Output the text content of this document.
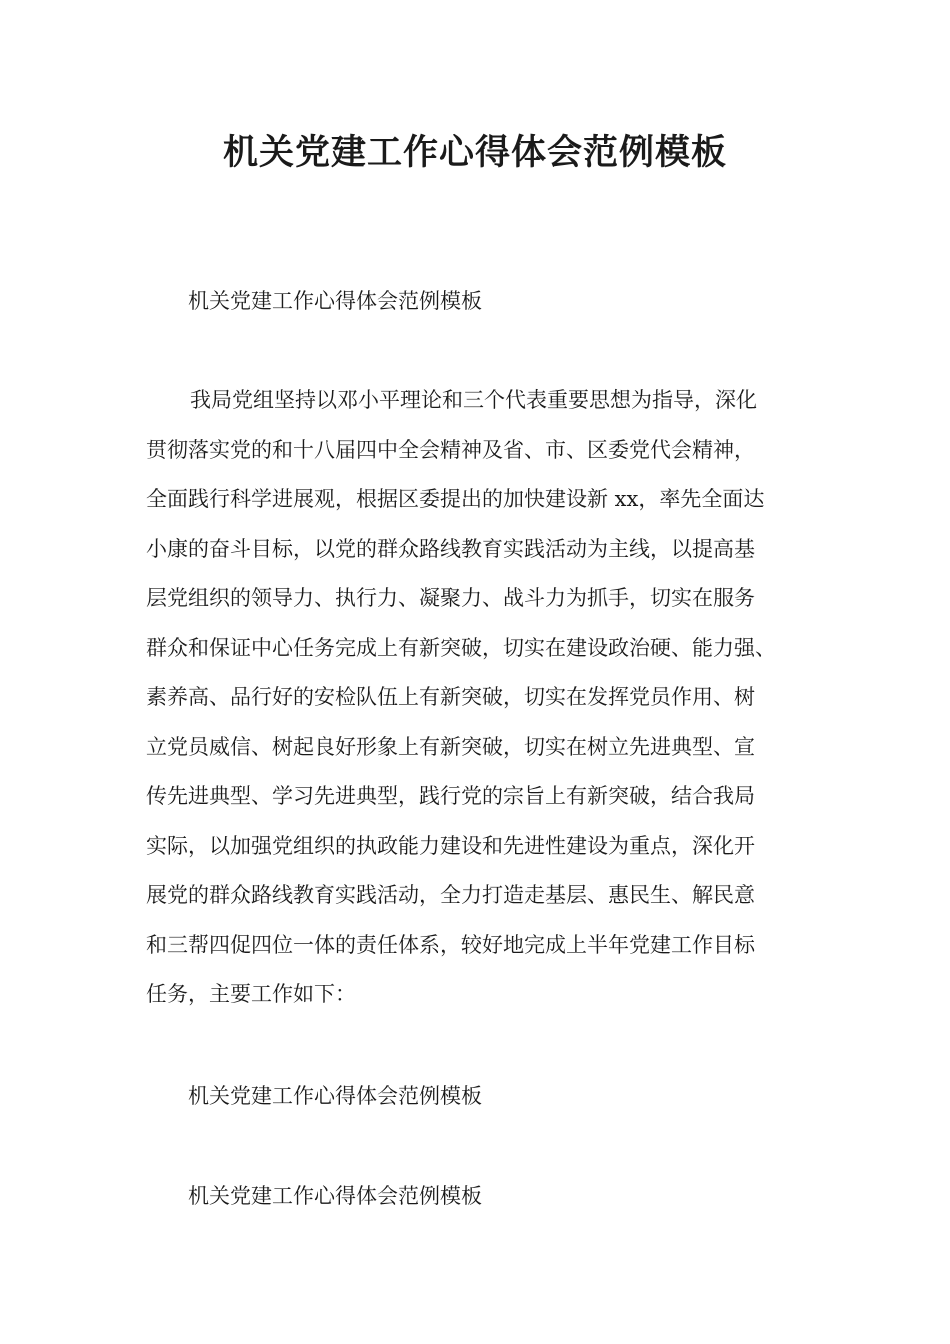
机关党建工作心得体会范例模板

机关党建工作心得体会范例模板

我局党组坚持以邓小平理论和三个代表重要思想为指导，深化
贯彻落实党的和十八届四中全会精神及省、市、区委党代会精神，
全面践行科学进展观，根据区委提出的加快建设新 xx，率先全面达
小康的奋斗目标，以党的群众路线教育实践活动为主线，以提高基
层党组织的领导力、执行力、凝聚力、战斗力为抓手，切实在服务
群众和保证中心任务完成上有新突破，切实在建设政治硬、能力强、
素养高、品行好的安检队伍上有新突破，切实在发挥党员作用、树
立党员威信、树起良好形象上有新突破，切实在树立先进典型、宣
传先进典型、学习先进典型，践行党的宗旨上有新突破，结合我局
实际，以加强党组织的执政能力建设和先进性建设为重点，深化开
展党的群众路线教育实践活动，全力打造走基层、惠民生、解民意
和三帮四促四位一体的责任体系，较好地完成上半年党建工作目标
任务，主要工作如下：

机关党建工作心得体会范例模板

机关党建工作心得体会范例模板
